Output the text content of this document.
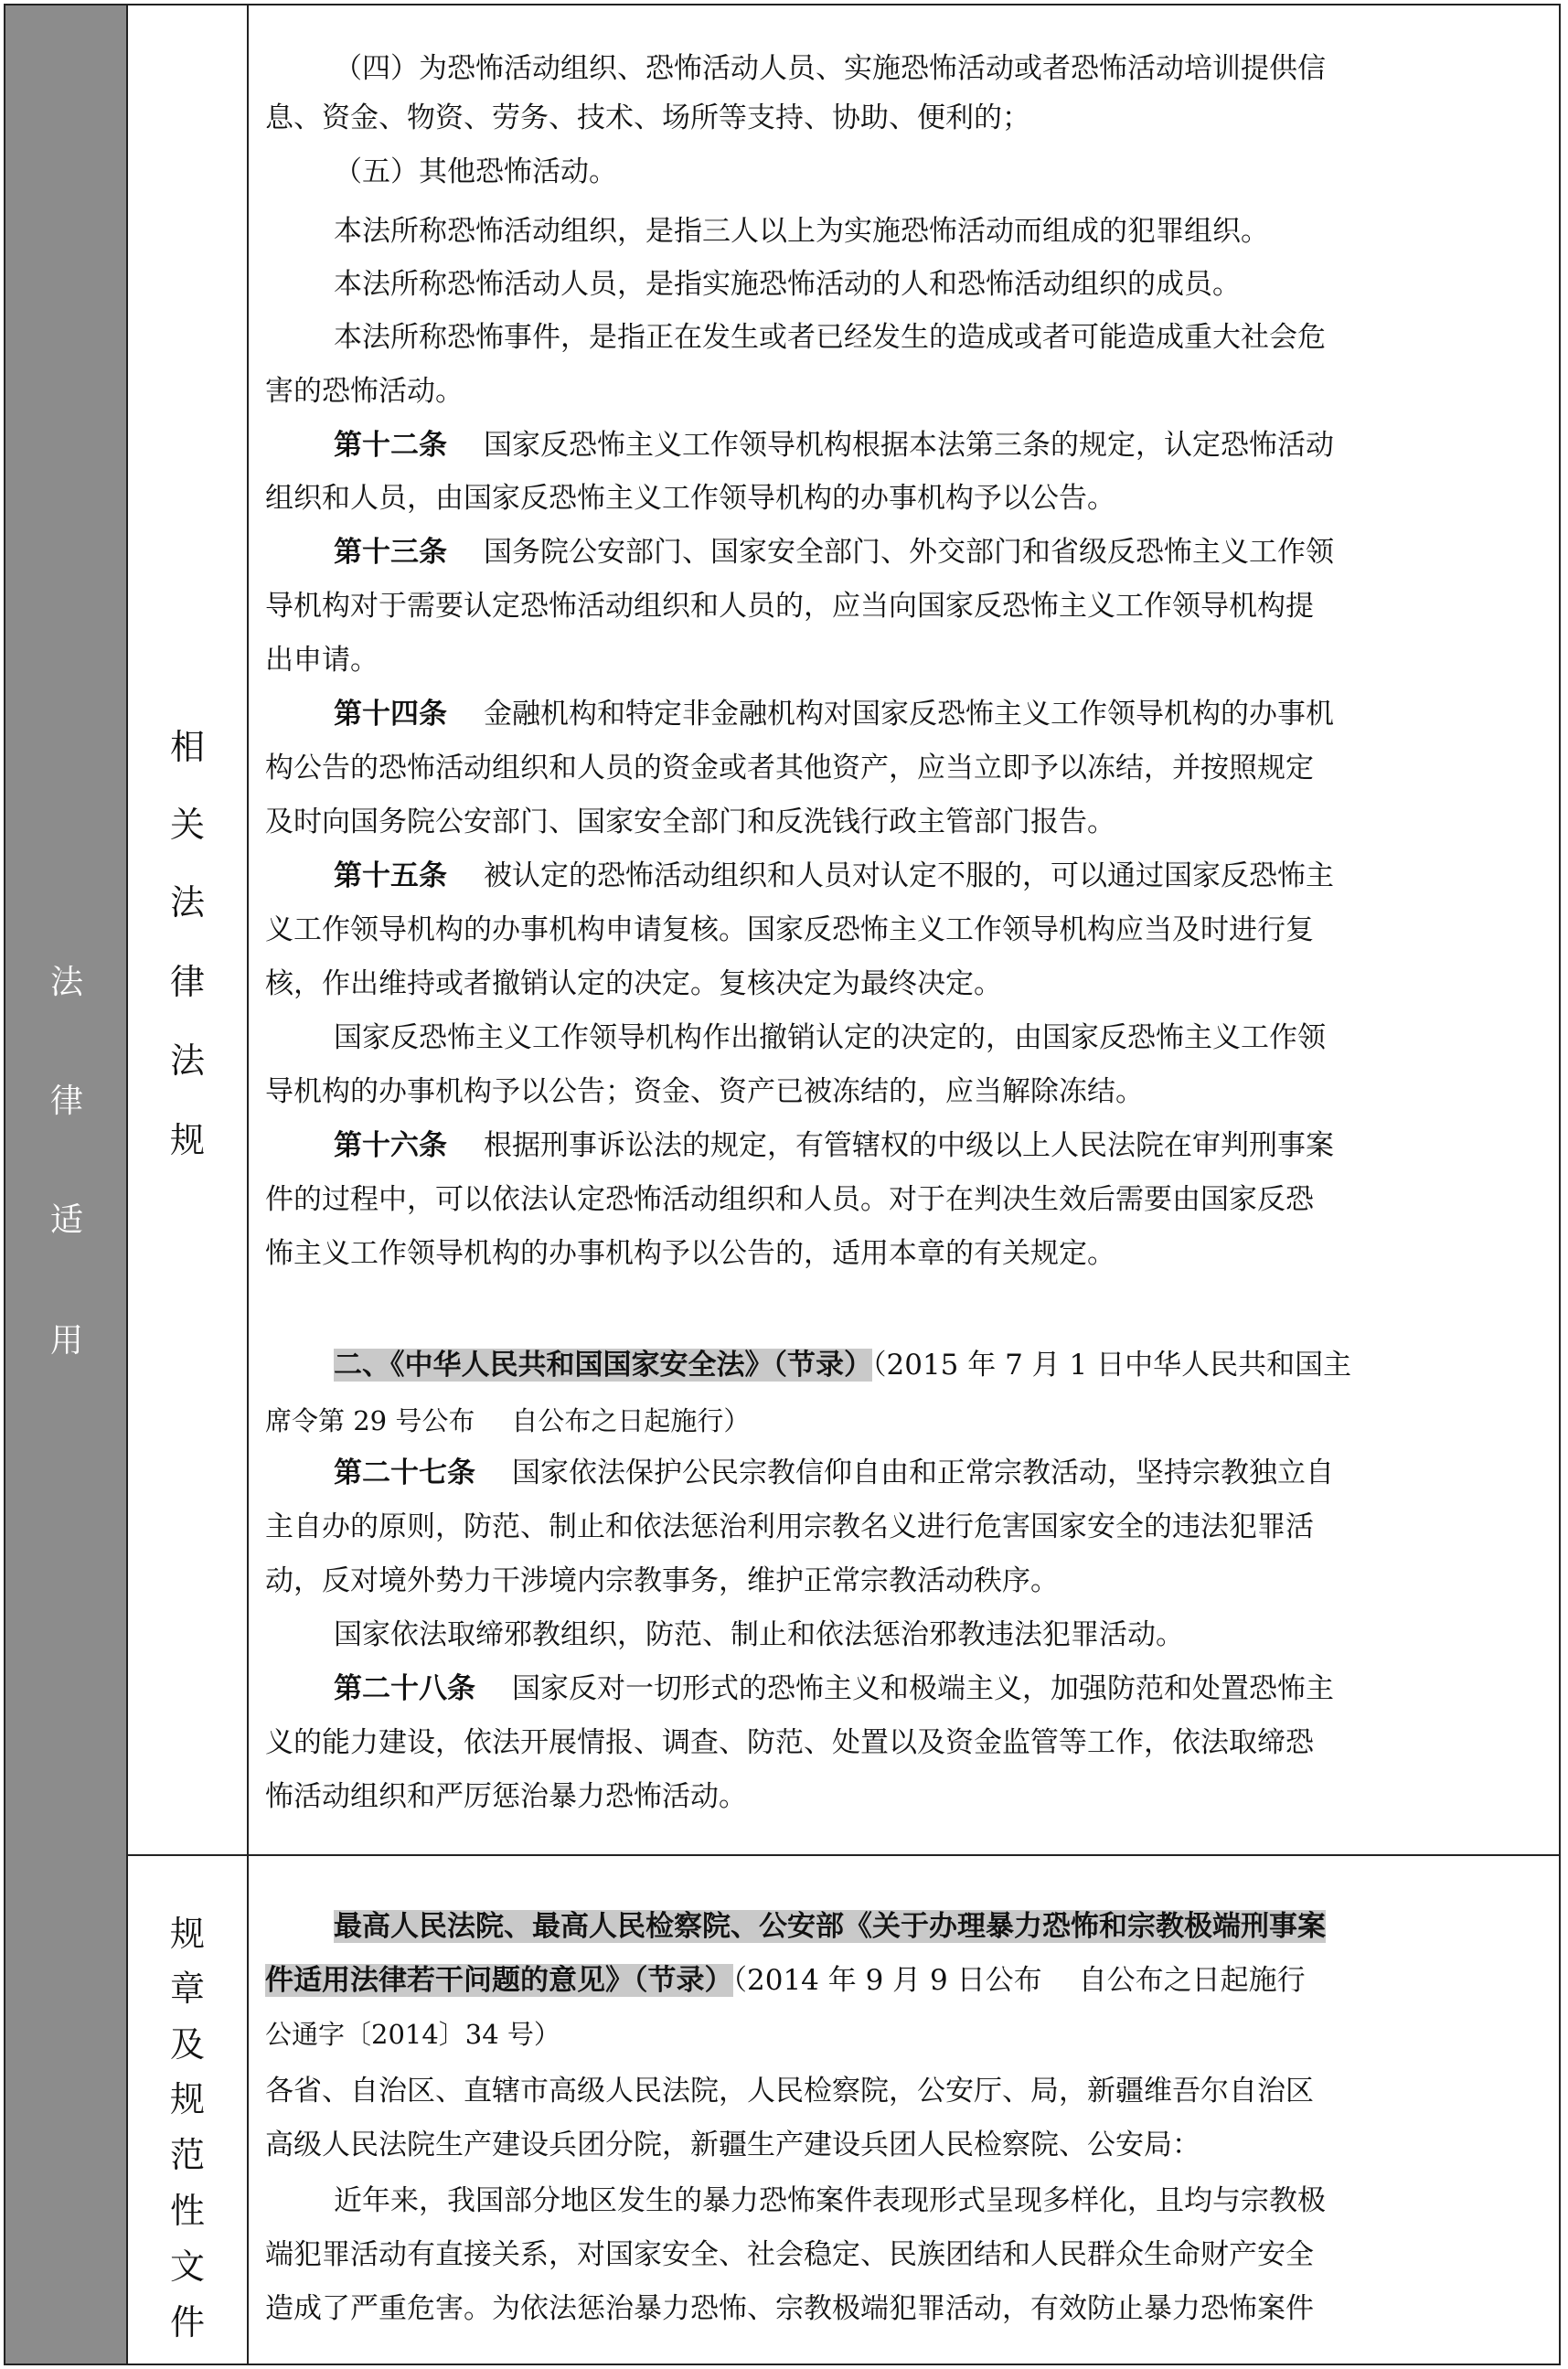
法
律
适
用
相
关
法
律
法
规
规
章
及
规
范
性
文
件
（四）为恐怖活动组织、恐怖活动人员、实施恐怖活动或者恐怖活动培训提供信
息、资金、物资、劳务、技术、场所等支持、协助、便利的；
（五）其他恐怖活动。
本法所称恐怖活动组织，是指三人以上为实施恐怖活动而组成的犯罪组织。
本法所称恐怖活动人员，是指实施恐怖活动的人和恐怖活动组织的成员。
本法所称恐怖事件，是指正在发生或者已经发生的造成或者可能造成重大社会危
害的恐怖活动。
第十二条 国家反恐怖主义工作领导机构根据本法第三条的规定，认定恐怖活动
组织和人员，由国家反恐怖主义工作领导机构的办事机构予以公告。
第十三条 国务院公安部门、国家安全部门、外交部门和省级反恐怖主义工作领
导机构对于需要认定恐怖活动组织和人员的，应当向国家反恐怖主义工作领导机构提
出申请。
第十四条 金融机构和特定非金融机构对国家反恐怖主义工作领导机构的办事机
构公告的恐怖活动组织和人员的资金或者其他资产，应当立即予以冻结，并按照规定
及时向国务院公安部门、国家安全部门和反洗钱行政主管部门报告。
第十五条 被认定的恐怖活动组织和人员对认定不服的，可以通过国家反恐怖主
义工作领导机构的办事机构申请复核。国家反恐怖主义工作领导机构应当及时进行复
核，作出维持或者撤销认定的决定。复核决定为最终决定。
国家反恐怖主义工作领导机构作出撤销认定的决定的，由国家反恐怖主义工作领
导机构的办事机构予以公告；资金、资产已被冻结的，应当解除冻结。
第十六条 根据刑事诉讼法的规定，有管辖权的中级以上人民法院在审判刑事案
件的过程中，可以依法认定恐怖活动组织和人员。对于在判决生效后需要由国家反恐
怖主义工作领导机构的办事机构予以公告的，适用本章的有关规定。
二、《中华人民共和国国家安全法》（节录）（2015 年 7 月 1 日中华人民共和国主
席令第 29 号公布 自公布之日起施行）
第二十七条 国家依法保护公民宗教信仰自由和正常宗教活动，坚持宗教独立自
主自办的原则，防范、制止和依法惩治利用宗教名义进行危害国家安全的违法犯罪活
动，反对境外势力干涉境内宗教事务，维护正常宗教活动秩序。
国家依法取缔邪教组织，防范、制止和依法惩治邪教违法犯罪活动。
第二十八条 国家反对一切形式的恐怖主义和极端主义，加强防范和处置恐怖主
义的能力建设，依法开展情报、调查、防范、处置以及资金监管等工作，依法取缔恐
怖活动组织和严厉惩治暴力恐怖活动。
最高人民法院、最高人民检察院、公安部《关于办理暴力恐怖和宗教极端刑事案
件适用法律若干问题的意见》（节录）（2014 年 9 月 9 日公布 自公布之日起施行
公通字〔2014〕34 号）
各省、自治区、直辖市高级人民法院，人民检察院，公安厅、局，新疆维吾尔自治区
高级人民法院生产建设兵团分院，新疆生产建设兵团人民检察院、公安局：
近年来，我国部分地区发生的暴力恐怖案件表现形式呈现多样化，且均与宗教极
端犯罪活动有直接关系，对国家安全、社会稳定、民族团结和人民群众生命财产安全
造成了严重危害。为依法惩治暴力恐怖、宗教极端犯罪活动，有效防止暴力恐怖案件
